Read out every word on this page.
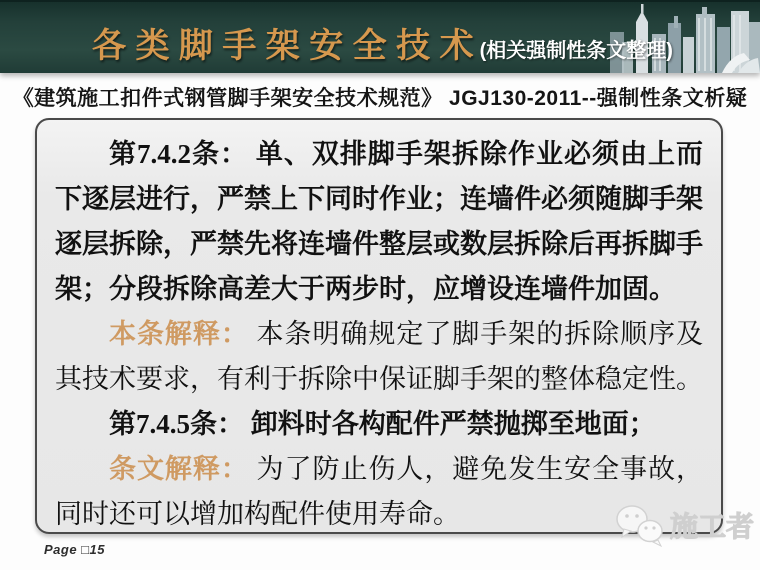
各 类 脚 手 架 安 全 技 术 (相关强制性条文整理)
《建筑施工扣件式钢管脚手架安全技术规范》 JGJ130-2011--强制性条文析疑

第7.4.2条： 单、双排脚手架拆除作业必须由上而下逐层进行，严禁上下同时作业；连墙件必须随脚手架逐层拆除，严禁先将连墙件整层或数层拆除后再拆脚手架；分段拆除高差大于两步时，应增设连墙件加固。

本条解释： 本条明确规定了脚手架的拆除顺序及其技术要求，有利于拆除中保证脚手架的整体稳定性。

第7.4.5条： 卸料时各构配件严禁抛掷至地面；

条文解释： 为了防止伤人，避免发生安全事故，同时还可以增加构配件使用寿命。

Page □15
施工者
